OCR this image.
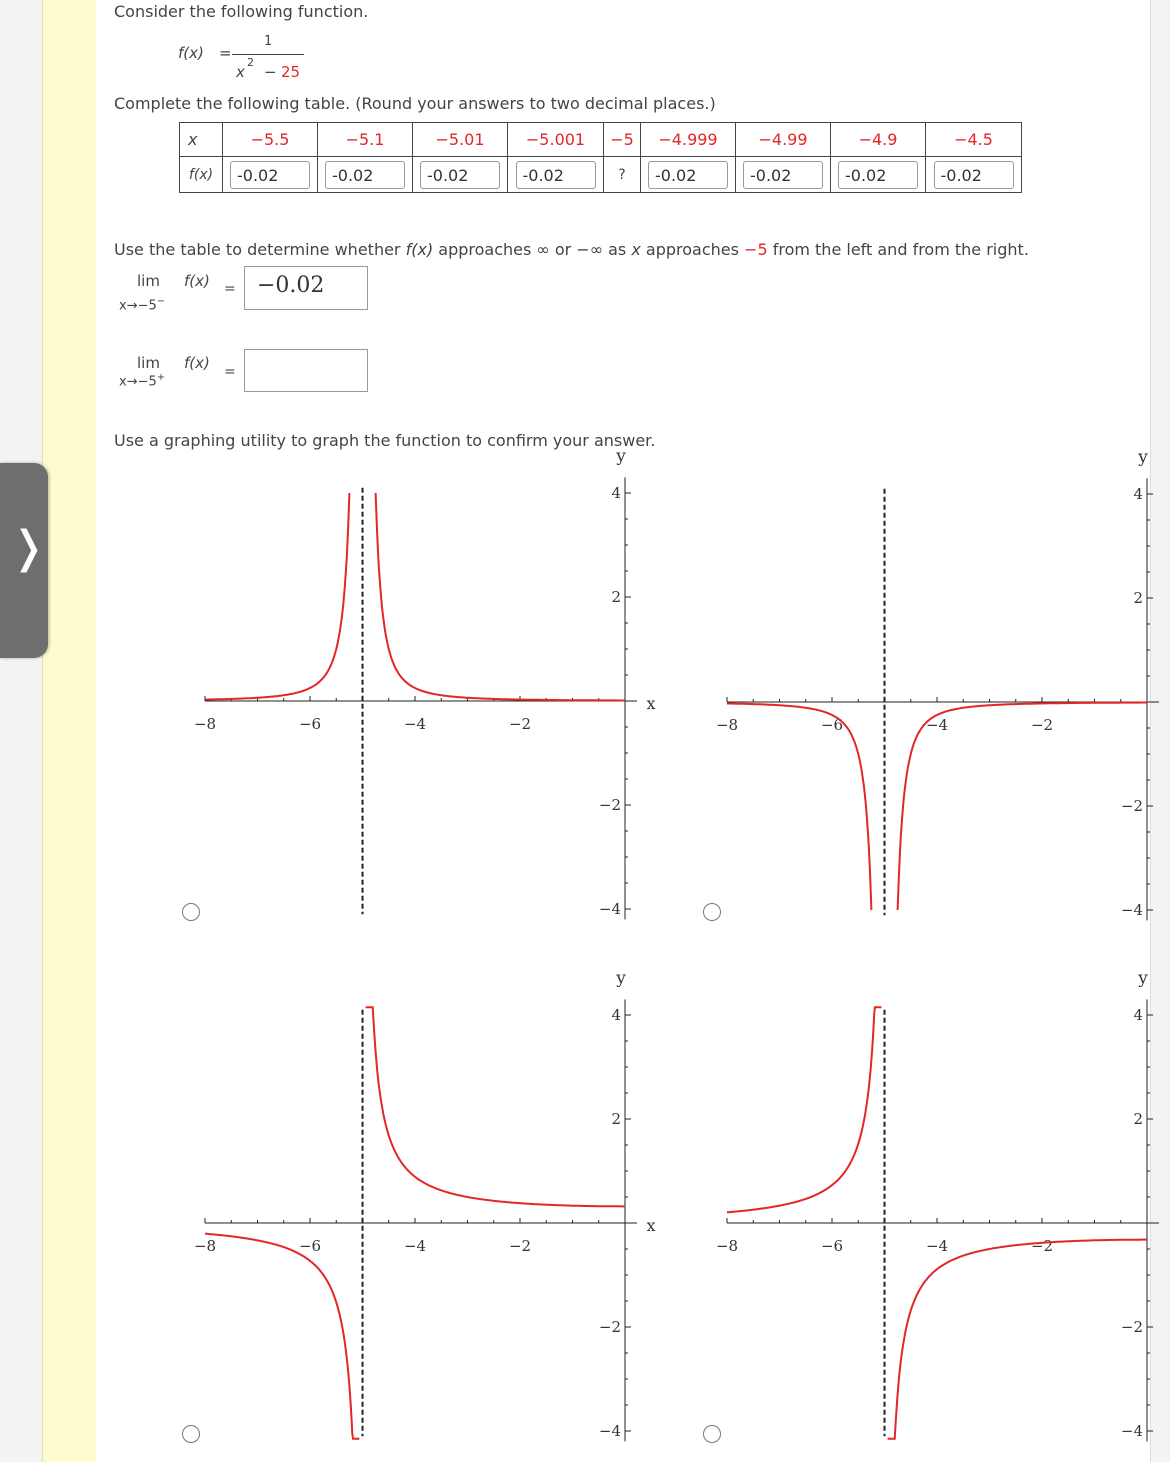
❭
Consider the following function.
f(x) =
1
x
2
− 25
Complete the following table. (Round your answers to two decimal places.)
x	−5.5	−5.1	−5.01	−5.001	−5	−4.999	−4.99	−4.9	−4.5
f(x)	-0.02	-0.02	-0.02	-0.02	?	-0.02	-0.02	-0.02	-0.02
Use the table to determine whether f(x) approaches ∞ or −∞ as x approaches −5 from the left and from the right.
lim f(x)
x→−5−
= −0.02
lim f(x)
x→−5+	=
Use a graphing utility to graph the function to confirm your answer.
−8	−6	−4	−2
4
2
−2
−4
y
x
−8	−6	−4	−2
4
2
−2
−4
y
−8	−6	−4	−2
4
2
−2
−4
y
x
−8	−6	−4	−2
4
2
−2
−4
y
